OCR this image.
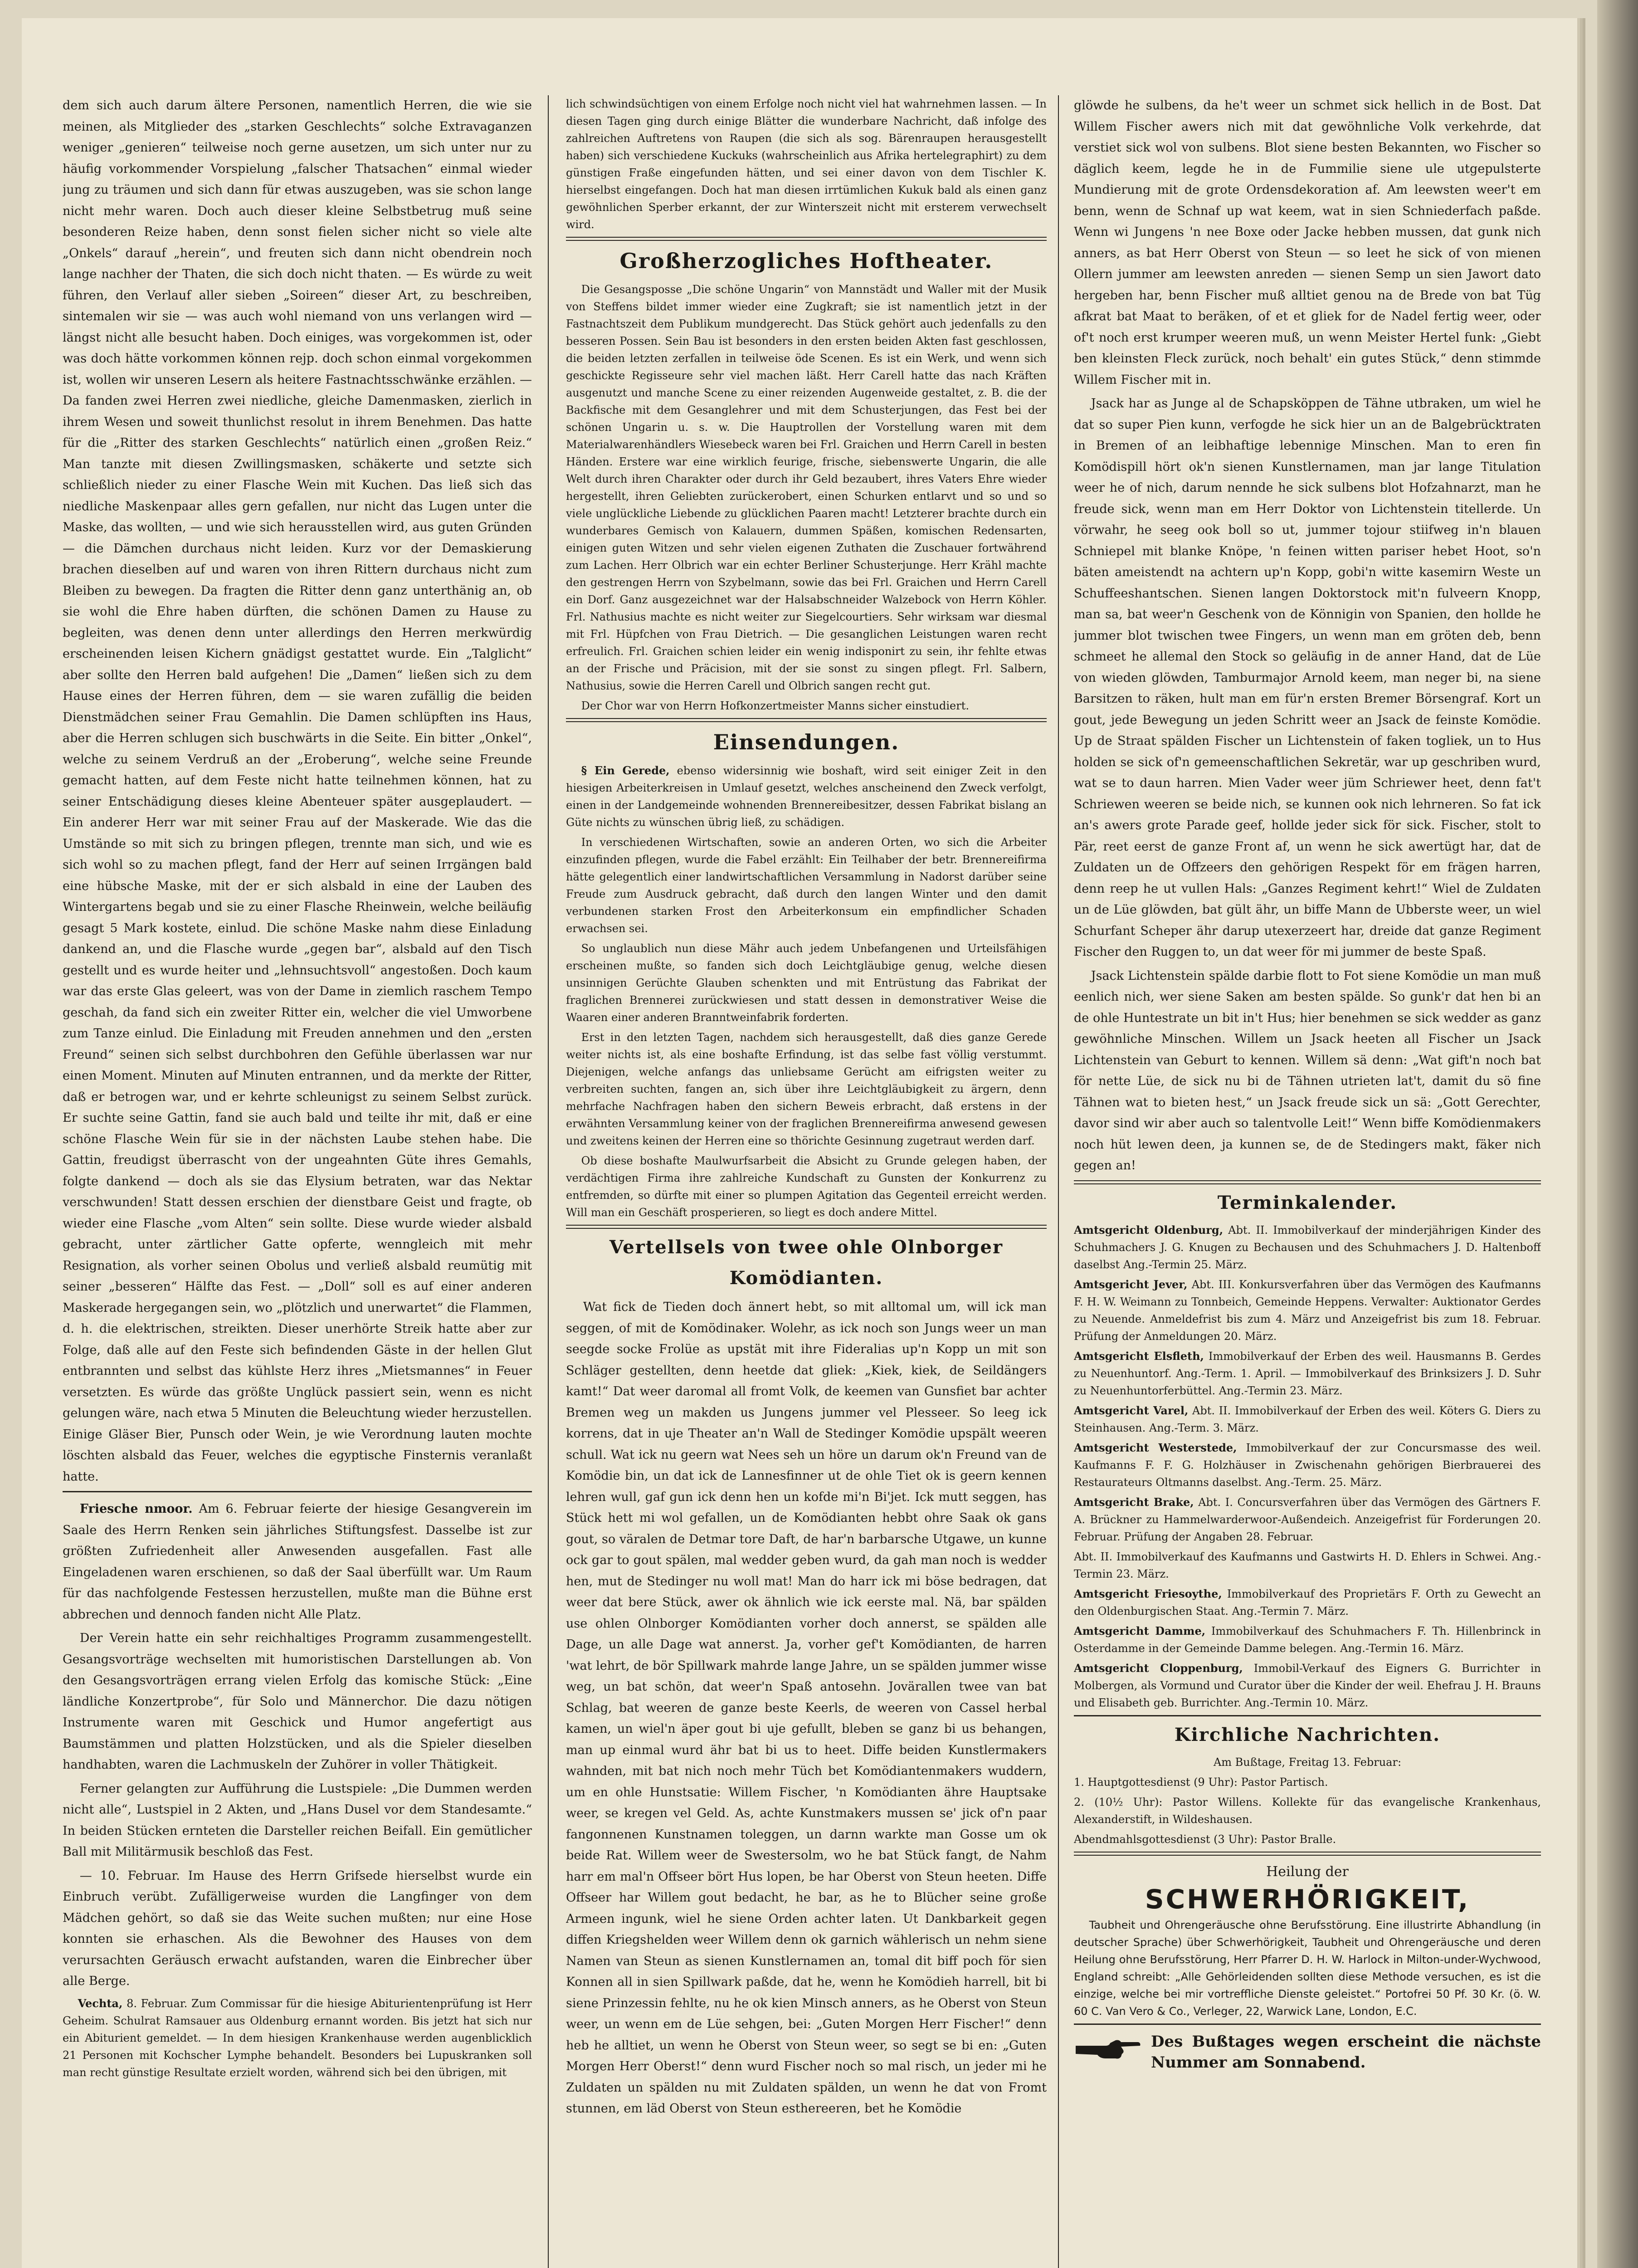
dem sich auch darum ältere Personen, namentlich Herren, die wie sie meinen, als Mitglieder des „starken Geschlechts“ solche Extravaganzen weniger „genieren“ teilweise noch gerne ausetzen, um sich unter nur zu häufig vorkommender Vorspielung „falscher Thatsachen“ einmal wieder jung zu träumen und sich dann für etwas auszugeben, was sie schon lange nicht mehr waren. Doch auch dieser kleine Selbstbetrug muß seine besonderen Reize haben, denn sonst fielen sicher nicht so viele alte „Onkels“ darauf „herein“, und freuten sich dann nicht obendrein noch lange nachher der Thaten, die sich doch nicht thaten. — Es würde zu weit führen, den Verlauf aller sieben „Soireen“ dieser Art, zu beschreiben, sintemalen wir sie — was auch wohl niemand von uns verlangen wird — längst nicht alle besucht haben. Doch einiges, was vorgekommen ist, oder was doch hätte vorkommen können rejp. doch schon einmal vorgekommen ist, wollen wir unseren Lesern als heitere Fastnachtsschwänke erzählen. — Da fanden zwei Herren zwei niedliche, gleiche Damenmasken, zierlich in ihrem Wesen und soweit thunlichst resolut in ihrem Benehmen. Das hatte für die „Ritter des starken Geschlechts“ natürlich einen „großen Reiz.“ Man tanzte mit diesen Zwillingsmasken, schäkerte und setzte sich schließlich nieder zu einer Flasche Wein mit Kuchen. Das ließ sich das niedliche Maskenpaar alles gern gefallen, nur nicht das Lugen unter die Maske, das wollten, — und wie sich herausstellen wird, aus guten Gründen — die Dämchen durchaus nicht leiden. Kurz vor der Demaskierung brachen dieselben auf und waren von ihren Rittern durchaus nicht zum Bleiben zu bewegen. Da fragten die Ritter denn ganz unterthänig an, ob sie wohl die Ehre haben dürften, die schönen Damen zu Hause zu begleiten, was denen denn unter allerdings den Herren merkwürdig erscheinenden leisen Kichern gnädigst gestattet wurde. Ein „Talglicht“ aber sollte den Herren bald aufgehen! Die „Damen“ ließen sich zu dem Hause eines der Herren führen, dem — sie waren zufällig die beiden Dienstmädchen seiner Frau Gemahlin. Die Damen schlüpften ins Haus, aber die Herren schlugen sich buschwärts in die Seite. Ein bitter „Onkel“, welche zu seinem Verdruß an der „Eroberung“, welche seine Freunde gemacht hatten, auf dem Feste nicht hatte teilnehmen können, hat zu seiner Entschädigung dieses kleine Abenteuer später ausgeplaudert. — Ein anderer Herr war mit seiner Frau auf der Maskerade. Wie das die Umstände so mit sich zu bringen pflegen, trennte man sich, und wie es sich wohl so zu machen pflegt, fand der Herr auf seinen Irrgängen bald eine hübsche Maske, mit der er sich alsbald in eine der Lauben des Wintergartens begab und sie zu einer Flasche Rheinwein, welche beiläufig gesagt 5 Mark kostete, einlud. Die schöne Maske nahm diese Einladung dankend an, und die Flasche wurde „gegen bar“, alsbald auf den Tisch gestellt und es wurde heiter und „lehnsuchtsvoll“ angestoßen. Doch kaum war das erste Glas geleert, was von der Dame in ziemlich raschem Tempo geschah, da fand sich ein zweiter Ritter ein, welcher die viel Umworbene zum Tanze einlud. Die Einladung mit Freuden annehmen und den „ersten Freund“ seinen sich selbst durchbohren den Gefühle überlassen war nur einen Moment. Minuten auf Minuten entrannen, und da merkte der Ritter, daß er betrogen war, und er kehrte schleunigst zu seinem Selbst zurück. Er suchte seine Gattin, fand sie auch bald und teilte ihr mit, daß er eine schöne Flasche Wein für sie in der nächsten Laube stehen habe. Die Gattin, freudigst überrascht von der ungeahnten Güte ihres Gemahls, folgte dankend — doch als sie das Elysium betraten, war das Nektar verschwunden! Statt dessen erschien der dienstbare Geist und fragte, ob wieder eine Flasche „vom Alten“ sein sollte. Diese wurde wieder alsbald gebracht, unter zärtlicher Gatte opferte, wenngleich mit mehr Resignation, als vorher seinen Obolus und verließ alsbald reumütig mit seiner „besseren“ Hälfte das Fest. — „Doll“ soll es auf einer anderen Maskerade hergegangen sein, wo „plötzlich und unerwartet“ die Flammen, d. h. die elektrischen, streikten. Dieser unerhörte Streik hatte aber zur Folge, daß alle auf den Feste sich befindenden Gäste in der hellen Glut entbrannten und selbst das kühlste Herz ihres „Mietsmannes“ in Feuer versetzten. Es würde das größte Unglück passiert sein, wenn es nicht gelungen wäre, nach etwa 5 Minuten die Beleuchtung wieder herzustellen. Einige Gläser Bier, Punsch oder Wein, je wie Verordnung lauten mochte löschten alsbald das Feuer, welches die egyptische Finsternis veranlaßt hatte.

Friesche nmoor. Am 6. Februar feierte der hiesige Gesangverein im Saale des Herrn Renken sein jährliches Stiftungsfest. Dasselbe ist zur größten Zufriedenheit aller Anwesenden ausgefallen. Fast alle Eingeladenen waren erschienen, so daß der Saal überfüllt war. Um Raum für das nachfolgende Festessen herzustellen, mußte man die Bühne erst abbrechen und dennoch fanden nicht Alle Platz.

Der Verein hatte ein sehr reichhaltiges Programm zusammengestellt. Gesangsvorträge wechselten mit humoristischen Darstellungen ab. Von den Gesangsvorträgen errang vielen Erfolg das komische Stück: „Eine ländliche Konzertprobe“, für Solo und Männerchor. Die dazu nötigen Instrumente waren mit Geschick und Humor angefertigt aus Baumstämmen und platten Holzstücken, und als die Spieler dieselben handhabten, waren die Lachmuskeln der Zuhörer in voller Thätigkeit.

Ferner gelangten zur Aufführung die Lustspiele: „Die Dummen werden nicht alle“, Lustspiel in 2 Akten, und „Hans Dusel vor dem Standesamte.“ In beiden Stücken ernteten die Darsteller reichen Beifall. Ein gemütlicher Ball mit Militärmusik beschloß das Fest.

— 10. Februar. Im Hause des Herrn Grifsede hierselbst wurde ein Einbruch verübt. Zufälligerweise wurden die Langfinger von dem Mädchen gehört, so daß sie das Weite suchen mußten; nur eine Hose konnten sie erhaschen. Als die Bewohner des Hauses von dem verursachten Geräusch erwacht aufstanden, waren die Einbrecher über alle Berge.

Vechta, 8. Februar. Zum Commissar für die hiesige Abiturientenprüfung ist Herr Geheim. Schulrat Ramsauer aus Oldenburg ernannt worden. Bis jetzt hat sich nur ein Abiturient gemeldet. — In dem hiesigen Krankenhause werden augenblicklich 21 Personen mit Kochscher Lymphe behandelt. Besonders bei Lupuskranken soll man recht günstige Resultate erzielt worden, während sich bei den übrigen, mit

lich schwindsüchtigen von einem Erfolge noch nicht viel hat wahrnehmen lassen. — In diesen Tagen ging durch einige Blätter die wunderbare Nachricht, daß infolge des zahlreichen Auftretens von Raupen (die sich als sog. Bärenraupen herausgestellt haben) sich verschiedene Kuckuks (wahrscheinlich aus Afrika hertelegraphirt) zu dem günstigen Fraße eingefunden hätten, und sei einer davon von dem Tischler K. hierselbst eingefangen. Doch hat man diesen irrtümlichen Kukuk bald als einen ganz gewöhnlichen Sperber erkannt, der zur Winterszeit nicht mit ersterem verwechselt wird.

Großherzogliches Hoftheater.

Die Gesangsposse „Die schöne Ungarin“ von Mannstädt und Waller mit der Musik von Steffens bildet immer wieder eine Zugkraft; sie ist namentlich jetzt in der Fastnachtszeit dem Publikum mundgerecht. Das Stück gehört auch jedenfalls zu den besseren Possen. Sein Bau ist besonders in den ersten beiden Akten fast geschlossen, die beiden letzten zerfallen in teilweise öde Scenen. Es ist ein Werk, und wenn sich geschickte Regisseure sehr viel machen läßt. Herr Carell hatte das nach Kräften ausgenutzt und manche Scene zu einer reizenden Augenweide gestaltet, z. B. die der Backfische mit dem Gesanglehrer und mit dem Schusterjungen, das Fest bei der schönen Ungarin u. s. w. Die Hauptrollen der Vorstellung waren mit dem Materialwarenhändlers Wiesebeck waren bei Frl. Graichen und Herrn Carell in besten Händen. Erstere war eine wirklich feurige, frische, siebenswerte Ungarin, die alle Welt durch ihren Charakter oder durch ihr Geld bezaubert, ihres Vaters Ehre wieder hergestellt, ihren Geliebten zurückerobert, einen Schurken entlarvt und so und so viele unglückliche Liebende zu glücklichen Paaren macht! Letzterer brachte durch ein wunderbares Gemisch von Kalauern, dummen Späßen, komischen Redensarten, einigen guten Witzen und sehr vielen eigenen Zuthaten die Zuschauer fortwährend zum Lachen. Herr Olbrich war ein echter Berliner Schusterjunge. Herr Krähl machte den gestrengen Herrn von Szybelmann, sowie das bei Frl. Graichen und Herrn Carell ein Dorf. Ganz ausgezeichnet war der Halsabschneider Walzebock von Herrn Köhler. Frl. Nathusius machte es nicht weiter zur Siegelcourtiers. Sehr wirksam war diesmal mit Frl. Hüpfchen von Frau Dietrich. — Die gesanglichen Leistungen waren recht erfreulich. Frl. Graichen schien leider ein wenig indisponirt zu sein, ihr fehlte etwas an der Frische und Präcision, mit der sie sonst zu singen pflegt. Frl. Salbern, Nathusius, sowie die Herren Carell und Olbrich sangen recht gut.

Der Chor war von Herrn Hofkonzertmeister Manns sicher einstudiert.

Einsendungen.

§ Ein Gerede, ebenso widersinnig wie boshaft, wird seit einiger Zeit in den hiesigen Arbeiterkreisen in Umlauf gesetzt, welches anscheinend den Zweck verfolgt, einen in der Landgemeinde wohnenden Brennereibesitzer, dessen Fabrikat bislang an Güte nichts zu wünschen übrig ließ, zu schädigen.

In verschiedenen Wirtschaften, sowie an anderen Orten, wo sich die Arbeiter einzufinden pflegen, wurde die Fabel erzählt: Ein Teilhaber der betr. Brennereifirma hätte gelegentlich einer landwirtschaftlichen Versammlung in Nadorst darüber seine Freude zum Ausdruck gebracht, daß durch den langen Winter und den damit verbundenen starken Frost den Arbeiterkonsum ein empfindlicher Schaden erwachsen sei.

So unglaublich nun diese Mähr auch jedem Unbefangenen und Urteilsfähigen erscheinen mußte, so fanden sich doch Leichtgläubige genug, welche diesen unsinnigen Gerüchte Glauben schenkten und mit Entrüstung das Fabrikat der fraglichen Brennerei zurückwiesen und statt dessen in demonstrativer Weise die Waaren einer anderen Branntweinfabrik forderten.

Erst in den letzten Tagen, nachdem sich herausgestellt, daß dies ganze Gerede weiter nichts ist, als eine boshafte Erfindung, ist das selbe fast völlig verstummt. Diejenigen, welche anfangs das unliebsame Gerücht am eifrigsten weiter zu verbreiten suchten, fangen an, sich über ihre Leichtgläubigkeit zu ärgern, denn mehrfache Nachfragen haben den sichern Beweis erbracht, daß erstens in der erwähnten Versammlung keiner von der fraglichen Brennereifirma anwesend gewesen und zweitens keinen der Herren eine so thörichte Gesinnung zugetraut werden darf.

Ob diese boshafte Maulwurfsarbeit die Absicht zu Grunde gelegen haben, der verdächtigen Firma ihre zahlreiche Kundschaft zu Gunsten der Konkurrenz zu entfremden, so dürfte mit einer so plumpen Agitation das Gegenteil erreicht werden. Will man ein Geschäft prosperieren, so liegt es doch andere Mittel.

Vertellsels von twee ohle Olnborger
Komödianten.

Wat fick de Tieden doch ännert hebt, so mit alltomal um, will ick man seggen, of mit de Komödinaker. Wolehr, as ick noch son Jungs weer un man seegde socke Frolüe as upstät mit ihre Fideralias up'n Kopp un mit son Schläger gestellten, denn heetde dat gliek: „Kiek, kiek, de Seildängers kamt!“ Dat weer daromal all fromt Volk, de keemen van Gunsfiet bar achter Bremen weg un makden us Jungens jummer vel Plesseer. So leeg ick korrens, dat in uje Theater an'n Wall de Stedinger Komödie upspält weeren schull. Wat ick nu geern wat Nees seh un höre un darum ok'n Freund van de Komödie bin, un dat ick de Lannesfinner ut de ohle Tiet ok is geern kennen lehren wull, gaf gun ick denn hen un kofde mi'n Bi'jet. Ick mutt seggen, has Stück hett mi wol gefallen, un de Komödianten hebbt ohre Saak ok gans gout, so väralen de Detmar tore Daft, de har'n barbarsche Utgawe, un kunne ock gar to gout spälen, mal wedder geben wurd, da gah man noch is wedder hen, mut de Stedinger nu woll mat! Man do harr ick mi böse bedragen, dat weer dat bere Stück, awer ok ähnlich wie ick eerste mal. Nä, bar spälden use ohlen Olnborger Komödianten vorher doch annerst, se spälden alle Dage, un alle Dage wat annerst. Ja, vorher gef't Komödianten, de harren 'wat lehrt, de bör Spillwark mahrde lange Jahre, un se spälden jummer wisse weg, un bat schön, dat weer'n Spaß antosehn. Jovärallen twee van bat Schlag, bat weeren de ganze beste Keerls, de weeren von Cassel herbal kamen, un wiel'n äper gout bi uje gefullt, bleben se ganz bi us behangen, man up einmal wurd ähr bat bi us to heet. Diffe beiden Kunstlermakers wahnden, mit bat nich noch mehr Tüch bet Komödiantenmakers wuddern, um en ohle Hunstsatie: Willem Fischer, 'n Komödianten ähre Hauptsake weer, se kregen vel Geld. As, achte Kunstmakers mussen se' jick of'n paar fangonnenen Kunstnamen toleggen, un darnn warkte man Gosse um ok beide Rat. Willem weer de Swestersolm, wo he bat Stück fangt, de Nahm harr em mal'n Offseer bört Hus lopen, be har Oberst von Steun heeten. Diffe Offseer har Willem gout bedacht, he bar, as he to Blücher seine große Armeen ingunk, wiel he siene Orden achter laten. Ut Dankbarkeit gegen diffen Kriegshelden weer Willem denn ok garnich wählerisch un nehm siene Namen van Steun as sienen Kunstlernamen an, tomal dit biff poch för sien Konnen all in sien Spillwark paßde, dat he, wenn he Komödieh harrell, bit bi siene Prinzessin fehlte, nu he ok kien Minsch anners, as he Oberst von Steun weer, un wenn em de Lüe sehgen, bei: „Guten Morgen Herr Fischer!“ denn heb he alltiet, un wenn he Oberst von Steun weer, so segt se bi en: „Guten Morgen Herr Oberst!“ denn wurd Fischer noch so mal risch, un jeder mi he Zuldaten un spälden nu mit Zuldaten spälden, un wenn he dat von Fromt stunnen, em läd Oberst von Steun esthereeren, bet he Komödie

glöwde he sulbens, da he't weer un schmet sick hellich in de Bost. Dat Willem Fischer awers nich mit dat gewöhnliche Volk verkehrde, dat verstiet sick wol von sulbens. Blot siene besten Bekannten, wo Fischer so däglich keem, legde he in de Fummilie siene ule utgepulsterte Mundierung mit de grote Ordensdekoration af. Am leewsten weer't em benn, wenn de Schnaf up wat keem, wat in sien Schniederfach paßde. Wenn wi Jungens 'n nee Boxe oder Jacke hebben mussen, dat gunk nich anners, as bat Herr Oberst von Steun — so leet he sick of von mienen Ollern jummer am leewsten anreden — sienen Semp un sien Jawort dato hergeben har, benn Fischer muß alltiet genou na de Brede von bat Tüg afkrat bat Maat to beräken, of et et gliek for de Nadel fertig weer, oder of't noch erst krumper weeren muß, un wenn Meister Hertel funk: „Giebt ben kleinsten Fleck zurück, noch behalt' ein gutes Stück,“ denn stimmde Willem Fischer mit in.

Jsack har as Junge al de Schapsköppen de Tähne utbraken, um wiel he dat so super Pien kunn, verfogde he sick hier un an de Balgebrücktraten in Bremen of an leibhaftige lebennige Minschen. Man to eren fin Komödispill hört ok'n sienen Kunstlernamen, man jar lange Titulation weer he of nich, darum nennde he sick sulbens blot Hofzahnarzt, man he freude sick, wenn man em Herr Doktor von Lichtenstein titellerde. Un vörwahr, he seeg ook boll so ut, jummer tojour stiifweg in'n blauen Schniepel mit blanke Knöpe, 'n feinen witten pariser hebet Hoot, so'n bäten ameistendt na achtern up'n Kopp, gobi'n witte kasemirn Weste un Schuffeeshantschen. Sienen langen Doktorstock mit'n fulveern Knopp, man sa, bat weer'n Geschenk von de Könnigin von Spanien, den hollde he jummer blot twischen twee Fingers, un wenn man em gröten deb, benn schmeet he allemal den Stock so geläufig in de anner Hand, dat de Lüe von wieden glöwden, Tamburmajor Arnold keem, man neger bi, na siene Barsitzen to räken, hult man em für'n ersten Bremer Börsengraf. Kort un gout, jede Bewegung un jeden Schritt weer an Jsack de feinste Komödie. Up de Straat spälden Fischer un Lichtenstein of faken togliek, un to Hus holden se sick of'n gemeenschaftlichen Sekretär, war up geschriben wurd, wat se to daun harren. Mien Vader weer jüm Schriewer heet, denn fat't Schriewen weeren se beide nich, se kunnen ook nich lehrneren. So fat ick an's awers grote Parade geef, hollde jeder sick för sick. Fischer, stolt to Pär, reet eerst de ganze Front af, un wenn he sick awertügt har, dat de Zuldaten un de Offzeers den gehörigen Respekt för em frägen harren, denn reep he ut vullen Hals: „Ganzes Regiment kehrt!“ Wiel de Zuldaten un de Lüe glöwden, bat gült ähr, un biffe Mann de Ubberste weer, un wiel Schurfant Scheper ähr darup utexerzeert har, dreide dat ganze Regiment Fischer den Ruggen to, un dat weer för mi jummer de beste Spaß.

Jsack Lichtenstein spälde darbie flott to Fot siene Komödie un man muß eenlich nich, wer siene Saken am besten spälde. So gunk'r dat hen bi an de ohle Huntestrate un bit in't Hus; hier benehmen se sick wedder as ganz gewöhnliche Minschen. Willem un Jsack heeten all Fischer un Jsack Lichtenstein van Geburt to kennen. Willem sä denn: „Wat gift'n noch bat för nette Lüe, de sick nu bi de Tähnen utrieten lat't, damit du sö fine Tähnen wat to bieten hest,“ un Jsack freude sick un sä: „Gott Gerechter, davor sind wir aber auch so talentvolle Leit!“ Wenn biffe Komödienmakers noch hüt lewen deen, ja kunnen se, de de Stedingers makt, fäker nich gegen an!

Terminkalender.

Amtsgericht Oldenburg, Abt. II. Immobilverkauf der minderjährigen Kinder des Schuhmachers J. G. Knugen zu Bechausen und des Schuhmachers J. D. Haltenboff daselbst Ang.-Termin 25. März.

Amtsgericht Jever, Abt. III. Konkursverfahren über das Vermögen des Kaufmanns F. H. W. Weimann zu Tonnbeich, Gemeinde Heppens. Verwalter: Auktionator Gerdes zu Neuende. Anmeldefrist bis zum 4. März und Anzeigefrist bis zum 18. Februar. Prüfung der Anmeldungen 20. März.

Amtsgericht Elsfleth, Immobilverkauf der Erben des weil. Hausmanns B. Gerdes zu Neuenhuntorf. Ang.-Term. 1. April. — Immobilverkauf des Brinksizers J. D. Suhr zu Neuenhuntorferbüttel. Ang.-Termin 23. März.

Amtsgericht Varel, Abt. II. Immobilverkauf der Erben des weil. Köters G. Diers zu Steinhausen. Ang.-Term. 3. März.

Amtsgericht Westerstede, Immobilverkauf der zur Concursmasse des weil. Kaufmanns F. F. G. Holzhäuser in Zwischenahn gehörigen Bierbrauerei des Restaurateurs Oltmanns daselbst. Ang.-Term. 25. März.

Amtsgericht Brake, Abt. I. Concursverfahren über das Vermögen des Gärtners F. A. Brückner zu Hammelwarderwoor-Außendeich. Anzeigefrist für Forderungen 20. Februar. Prüfung der Angaben 28. Februar.

Abt. II. Immobilverkauf des Kaufmanns und Gastwirts H. D. Ehlers in Schwei. Ang.-Termin 23. März.

Amtsgericht Friesoythe, Immobilverkauf des Proprietärs F. Orth zu Gewecht an den Oldenburgischen Staat. Ang.-Termin 7. März.

Amtsgericht Damme, Immobilverkauf des Schuhmachers F. Th. Hillenbrinck in Osterdamme in der Gemeinde Damme belegen. Ang.-Termin 16. März.

Amtsgericht Cloppenburg, Immobil-Verkauf des Eigners G. Burrichter in Molbergen, als Vormund und Curator über die Kinder der weil. Ehefrau J. H. Brauns und Elisabeth geb. Burrichter. Ang.-Termin 10. März.

Kirchliche Nachrichten.

Am Bußtage, Freitag 13. Februar:

1. Hauptgottesdienst (9 Uhr): Pastor Partisch.

2. (10½ Uhr): Pastor Willens. Kollekte für das evangelische Krankenhaus, Alexanderstift, in Wildeshausen.

Abendmahlsgottesdienst (3 Uhr): Pastor Bralle.

Heilung der
SCHWERHÖRIGKEIT,

Taubheit und Ohrengeräusche ohne Berufsstörung. Eine illustrirte Abhandlung (in deutscher Sprache) über Schwerhörigkeit, Taubheit und Ohrengeräusche und deren Heilung ohne Berufsstörung, Herr Pfarrer D. H. W. Harlock in Milton-under-Wychwood, England schreibt: „Alle Gehörleidenden sollten diese Methode versuchen, es ist die einzige, welche bei mir vortreffliche Dienste geleistet.“ Portofrei 50 Pf. 30 Kr. (ö. W. 60 C. Van Vero & Co., Verleger, 22, Warwick Lane, London, E.C.

Des Bußtages wegen erscheint die nächste Nummer am Sonnabend.
